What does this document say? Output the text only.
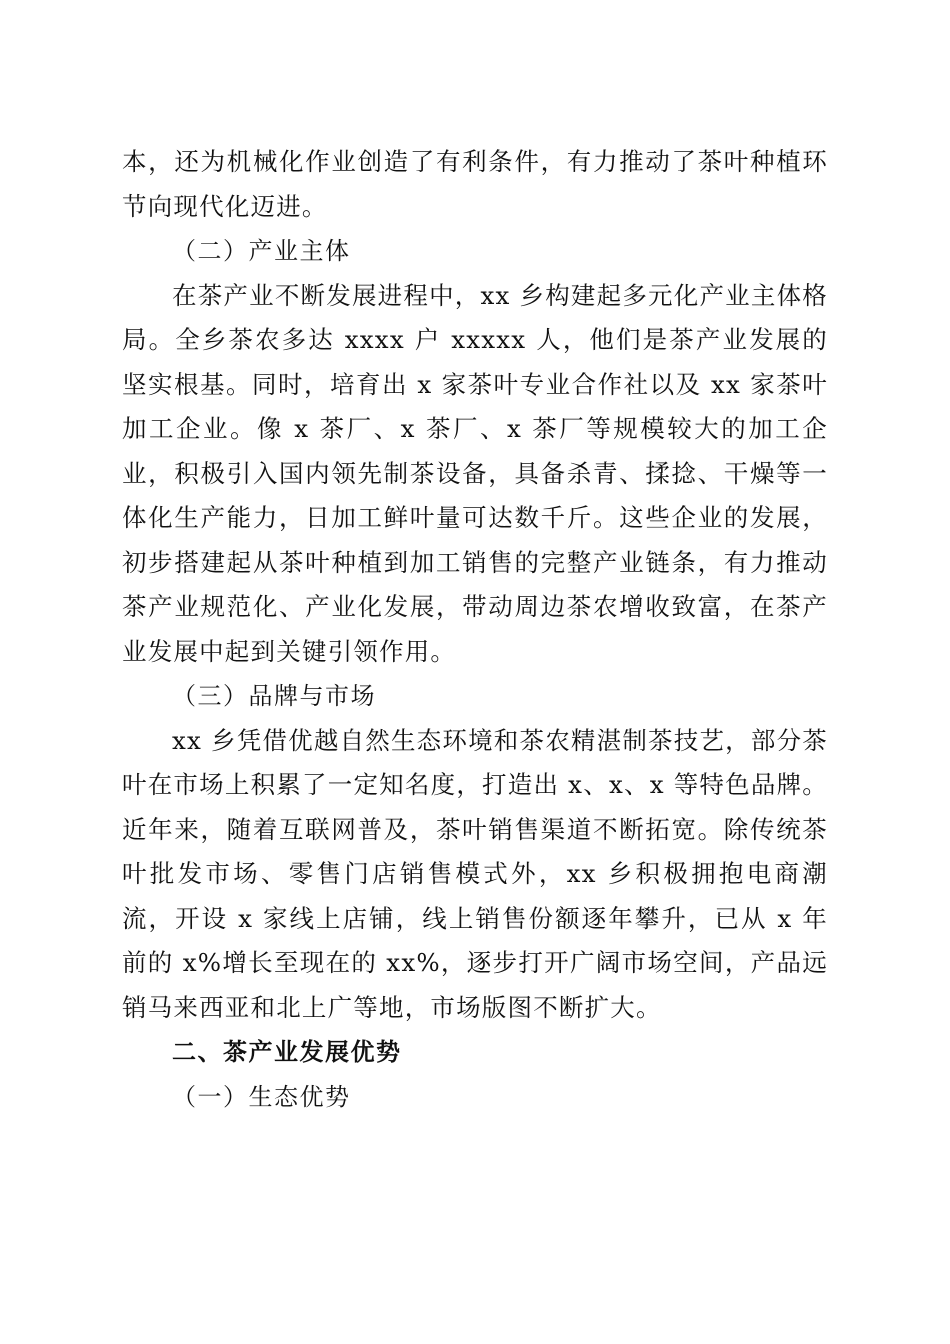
本，还为机械化作业创造了有利条件，有力推动了茶叶种植环节向现代化迈进。

（二）产业主体

在茶产业不断发展进程中，xx 乡构建起多元化产业主体格局。全乡茶农多达 xxxx 户 xxxxx 人，他们是茶产业发展的坚实根基。同时，培育出 x 家茶叶专业合作社以及 xx 家茶叶加工企业。像 x 茶厂、x 茶厂、x 茶厂等规模较大的加工企业，积极引入国内领先制茶设备，具备杀青、揉捻、干燥等一体化生产能力，日加工鲜叶量可达数千斤。这些企业的发展，初步搭建起从茶叶种植到加工销售的完整产业链条，有力推动茶产业规范化、产业化发展，带动周边茶农增收致富，在茶产业发展中起到关键引领作用。

（三）品牌与市场

xx 乡凭借优越自然生态环境和茶农精湛制茶技艺，部分茶叶在市场上积累了一定知名度，打造出 x、x、x 等特色品牌。近年来，随着互联网普及，茶叶销售渠道不断拓宽。除传统茶叶批发市场、零售门店销售模式外，xx 乡积极拥抱电商潮流，开设 x 家线上店铺，线上销售份额逐年攀升，已从 x 年前的 x%增长至现在的 xx%，逐步打开广阔市场空间，产品远销马来西亚和北上广等地，市场版图不断扩大。

二、茶产业发展优势

（一）生态优势
